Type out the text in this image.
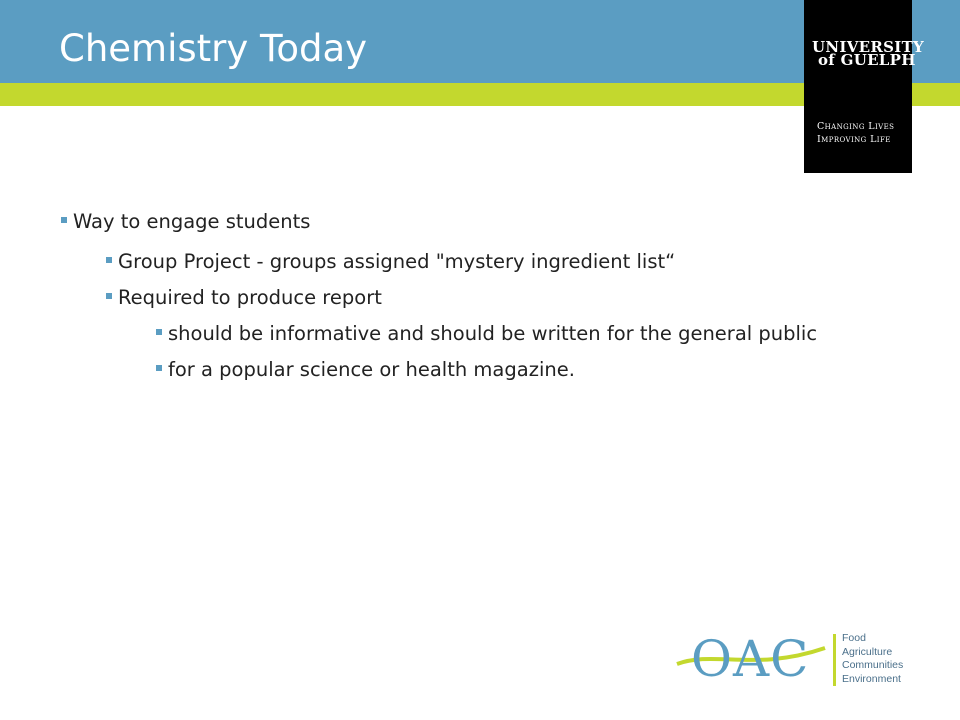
Chemistry Today	UNIVERSITY
of GUELPH
Changing Lives
Improving Life
Way to engage students
Group Project - groups assigned "mystery ingredient list“
Required to produce report
should be informative and should be written for the general public
for a popular science or health magazine.
OAC	Food
Agriculture
Communities
Environment
